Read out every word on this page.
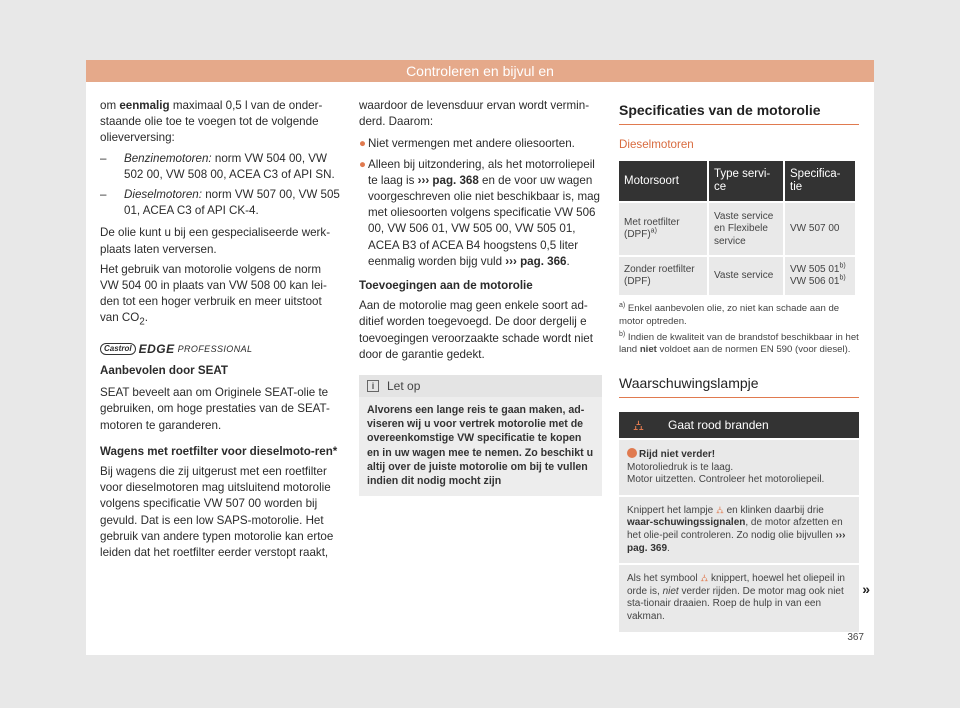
Controleren en bijvul en

om eenmalig maximaal 0,5 l van de onder-staande olie toe te voegen tot de volgende olieverversing:

– Benzinemotoren: norm VW 504 00, VW 502 00, VW 508 00, ACEA C3 of API SN.
– Dieselmotoren: norm VW 507 00, VW 505 01, ACEA C3 of API CK-4.

De olie kunt u bij een gespecialiseerde werk-plaats laten verversen.

Het gebruik van motorolie volgens de norm VW 504 00 in plaats van VW 508 00 kan lei-den tot een hoger verbruik en meer uitstoot van $CO_2$.

Castrol EDGE PROFESSIONAL

Aanbevolen door SEAT

SEAT beveelt aan om Originele SEAT-olie te gebruiken, om hoge prestaties van de SEAT-motoren te garanderen.

Wagens met roetfilter voor dieselmoto-ren*

Bij wagens die zij uitgerust met een roetfilter voor dieselmotoren mag uitsluitend motorolie volgens specificatie VW 507 00 worden bij gevuld. Dat is een low SAPS-motorolie. Het gebruik van andere typen motorolie kan ertoe leiden dat het roetfilter eerder verstopt raakt,

waardoor de levensduur ervan wordt vermin-derd. Daarom:

● Niet vermengen met andere oliesoorten.
● Alleen bij uitzondering, als het motorroliepeil te laag is ››› pag. 368 en de voor uw wagen voorgeschreven olie niet beschikbaar is, mag met oliesoorten volgens specificatie VW 506 00, VW 506 01, VW 505 00, VW 505 01, ACEA B3 of ACEA B4 hoogstens 0,5 liter eenmalig worden bijg vuld ››› pag. 366.

Toevoegingen aan de motorolie

Aan de motorolie mag geen enkele soort ad-ditief worden toegevoegd. De door dergelij e toevoegingen veroorzaakte schade wordt niet door de garantie gedekt.

i	Let op
Alvorens een lange reis te gaan maken, ad-viseren wij u voor vertrek motorolie met de overeenkomstige VW specificatie te kopen en in uw wagen mee te nemen. Zo beschikt u altij over de juiste motorolie om bij te vullen indien dit nodig mocht zijn
Specificaties van de motorolie
Dieselmotoren
Motorsoort	Type servi-ce	Specifica-tie
Met roetfilter (DPF)$^{a)}$	Vaste service en Flexibele service	VW 507 00
Zonder roetfilter (DPF)	Vaste service	VW 505 01$^{b)}$
VW 506 01$^{b)}$
$^{a)}$ Enkel aanbevolen olie, zo niet kan schade aan de motor optreden.
$^{b)}$ Indien de kwaliteit van de brandstof beschikbaar in het land niet voldoet aan de normen EN 590 (voor diesel).
Waarschuwingslampje
⛼ Gaat rood branden
Rijd niet verder!
Motoroliedruk is te laag.
Motor uitzetten. Controleer het motoroliepeil.
Knippert het lampje ⛼ en klinken daarbij drie waar-schuwingssignalen, de motor afzetten en het olie-peil controleren. Zo nodig olie bijvullen ››› pag. 369.
Als het symbool ⛼ knippert, hoewel het oliepeil in orde is, niet verder rijden. De motor mag ook niet sta-tionair draaien. Roep de hulp in van een vakman.
»
367
